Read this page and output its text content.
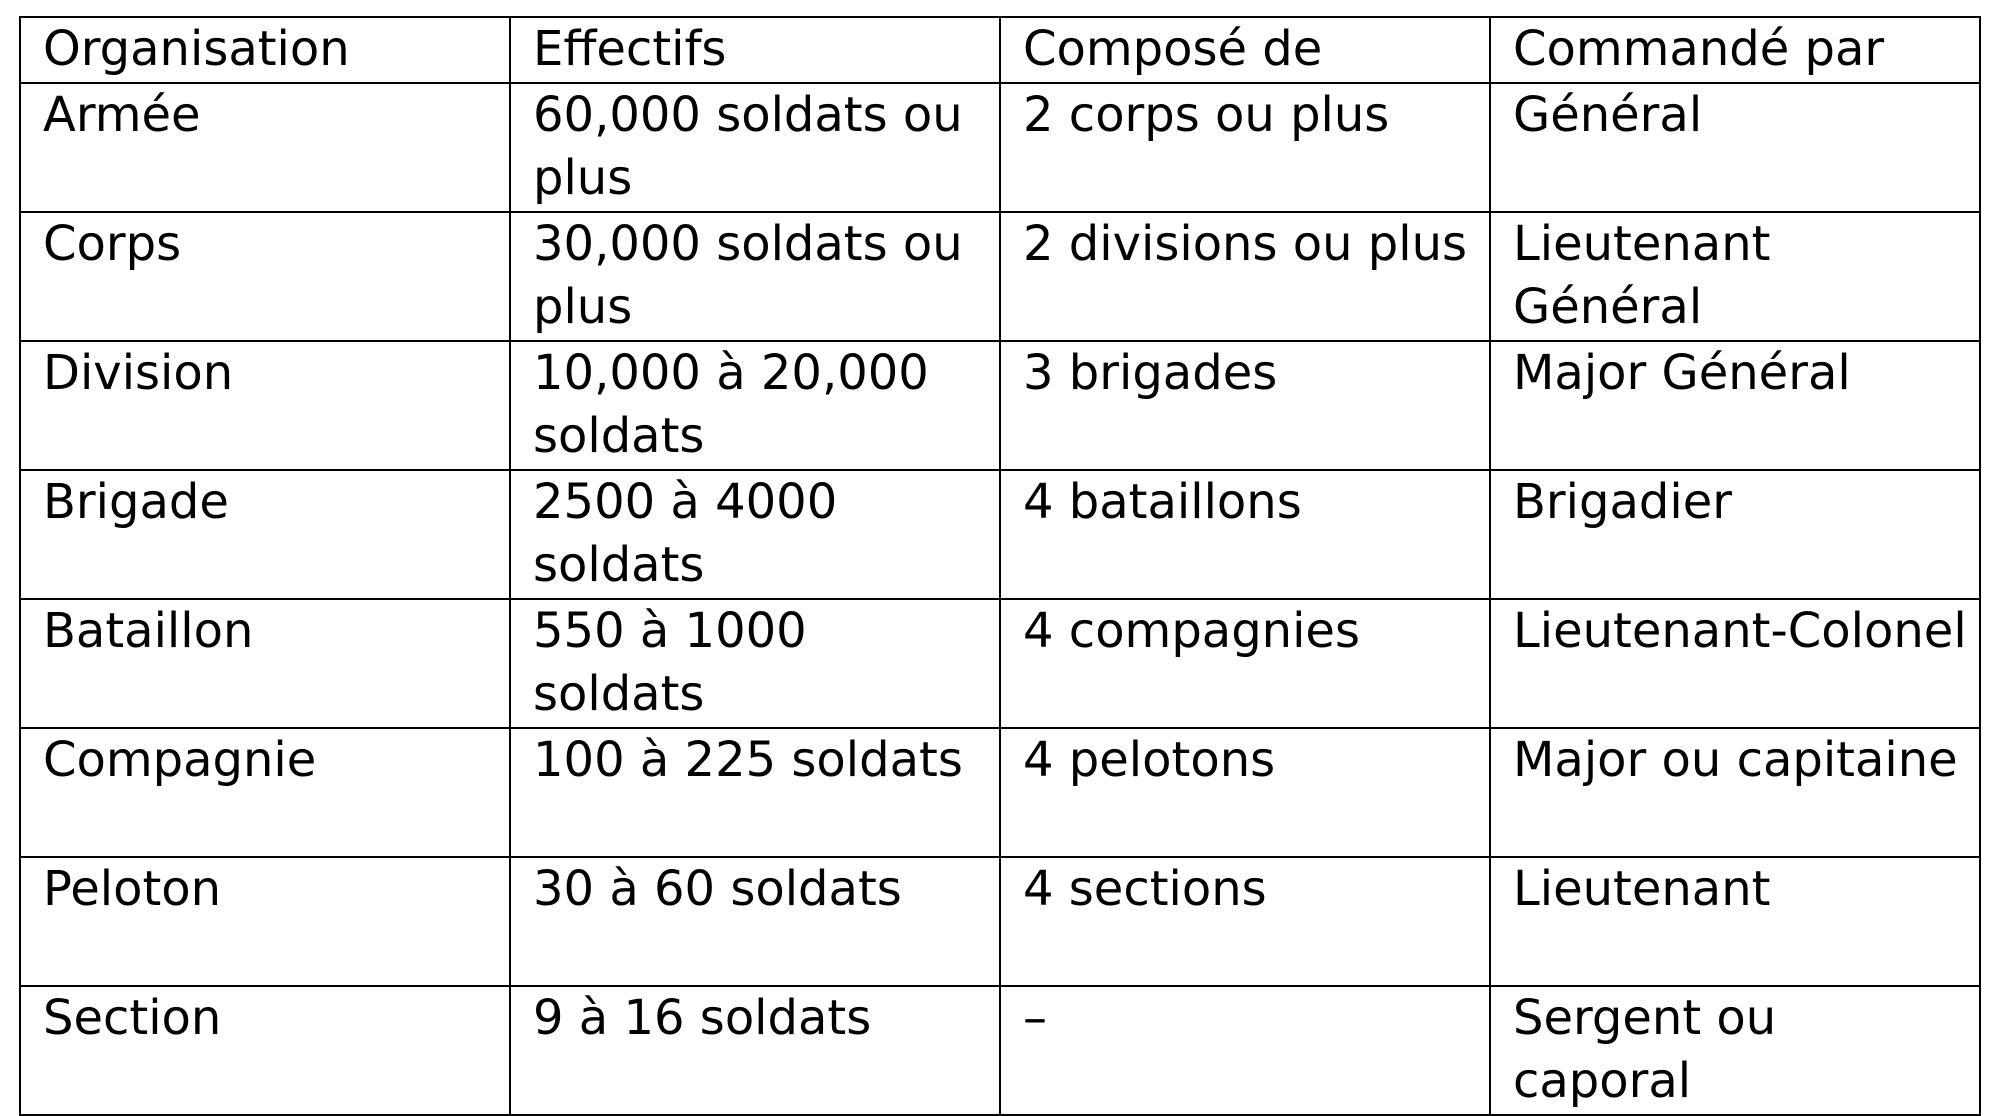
Organisation	Effectifs	Composé de	Commandé par
Armée	60,000 soldats ou plus	2 corps ou plus	Général
Corps	30,000 soldats ou plus	2 divisions ou plus	Lieutenant Général
Division	10,000 à 20,000 soldats	3 brigades	Major Général
Brigade	2500 à 4000 soldats	4 bataillons	Brigadier
Bataillon	550 à 1000 soldats	4 compagnies	Lieutenant-Colonel
Compagnie	100 à 225 soldats	4 pelotons	Major ou capitaine
Peloton	30 à 60 soldats	4 sections	Lieutenant
Section	9 à 16 soldats	–	Sergent ou caporal
